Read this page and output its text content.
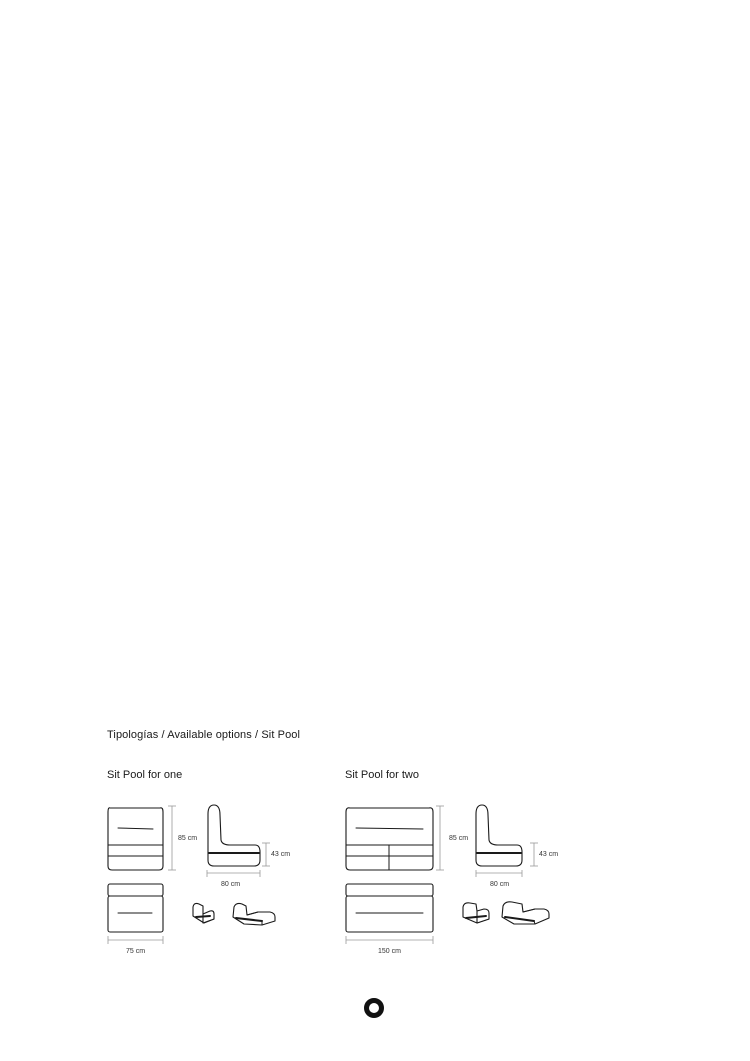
Tipologías / Available options / Sit Pool
Sit Pool for one	Sit Pool for two
85 cm
43 cm
80 cm
75 cm
85 cm
43 cm
80 cm
150 cm
